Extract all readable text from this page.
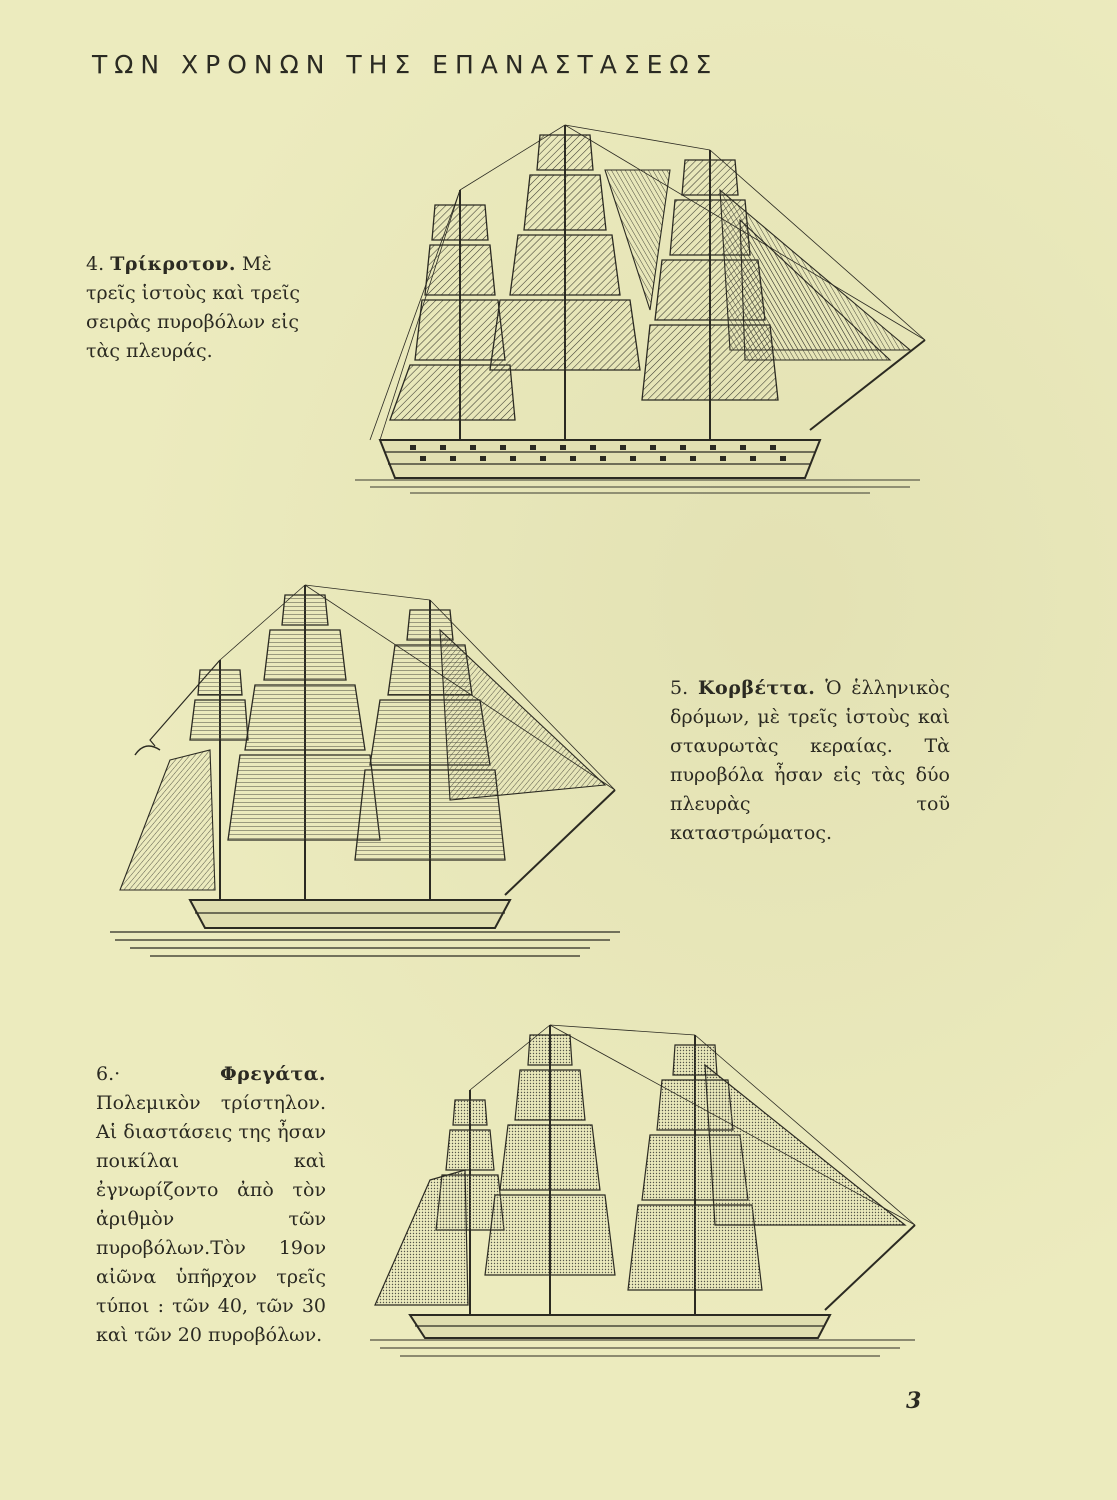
ΤΩΝ ΧΡΟΝΩΝ ΤΗΣ ΕΠΑΝΑΣΤΑΣΕΩΣ
4. Τρίκροτον. Μὲ τρεῖς ἱστοὺς καὶ τρεῖς σειρὰς πυροβόλων εἰς τὰς πλευράς.
5. Κορβέττα. Ὁ ἑλληνικὸς δρόμων, μὲ τρεῖς ἱστοὺς καὶ σταυρωτὰς κεραίας. Τὰ πυροβόλα ἦσαν εἰς τὰς δύο πλευρὰς τοῦ καταστρώματος.
6.·	Φρεγάτα. Πολεμικὸν τρίστηλον. Αἱ διαστάσεις της ἦσαν ποικίλαι καὶ ἐγνωρίζοντο ἀπὸ τὸν ἀριθμὸν τῶν πυροβόλων.Τὸν 19ον αἰῶνα ὑπῆρχον τρεῖς τύποι : τῶν 40, τῶν 30 καὶ τῶν 20 πυροβόλων.
3
